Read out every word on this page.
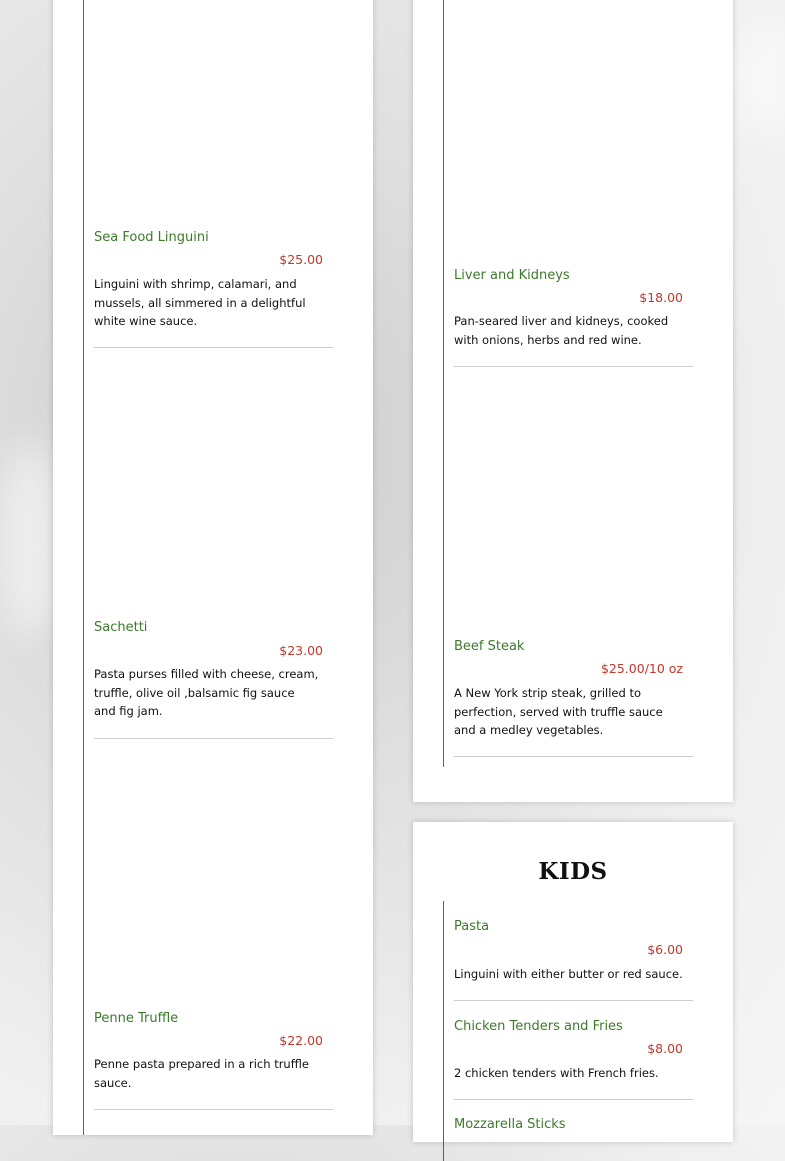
Sea Food Linguini
$25.00
Linguini with shrimp, calamari, and mussels, all simmered in a delightful white wine sauce.
Sachetti
$23.00
Pasta purses filled with cheese, cream, truffle, olive oil ,balsamic fig sauce and fig jam.
Penne Truffle
$22.00
Penne pasta prepared in a rich truffle sauce.
Liver and Kidneys
$18.00
Pan-seared liver and kidneys, cooked with onions, herbs and red wine.
Beef Steak
$25.00/10 oz
A New York strip steak, grilled to perfection, served with truffle sauce and a medley vegetables.
KIDS
Pasta
$6.00
Linguini with either butter or red sauce.
Chicken Tenders and Fries
$8.00
2 chicken tenders with French fries.
Mozzarella Sticks
